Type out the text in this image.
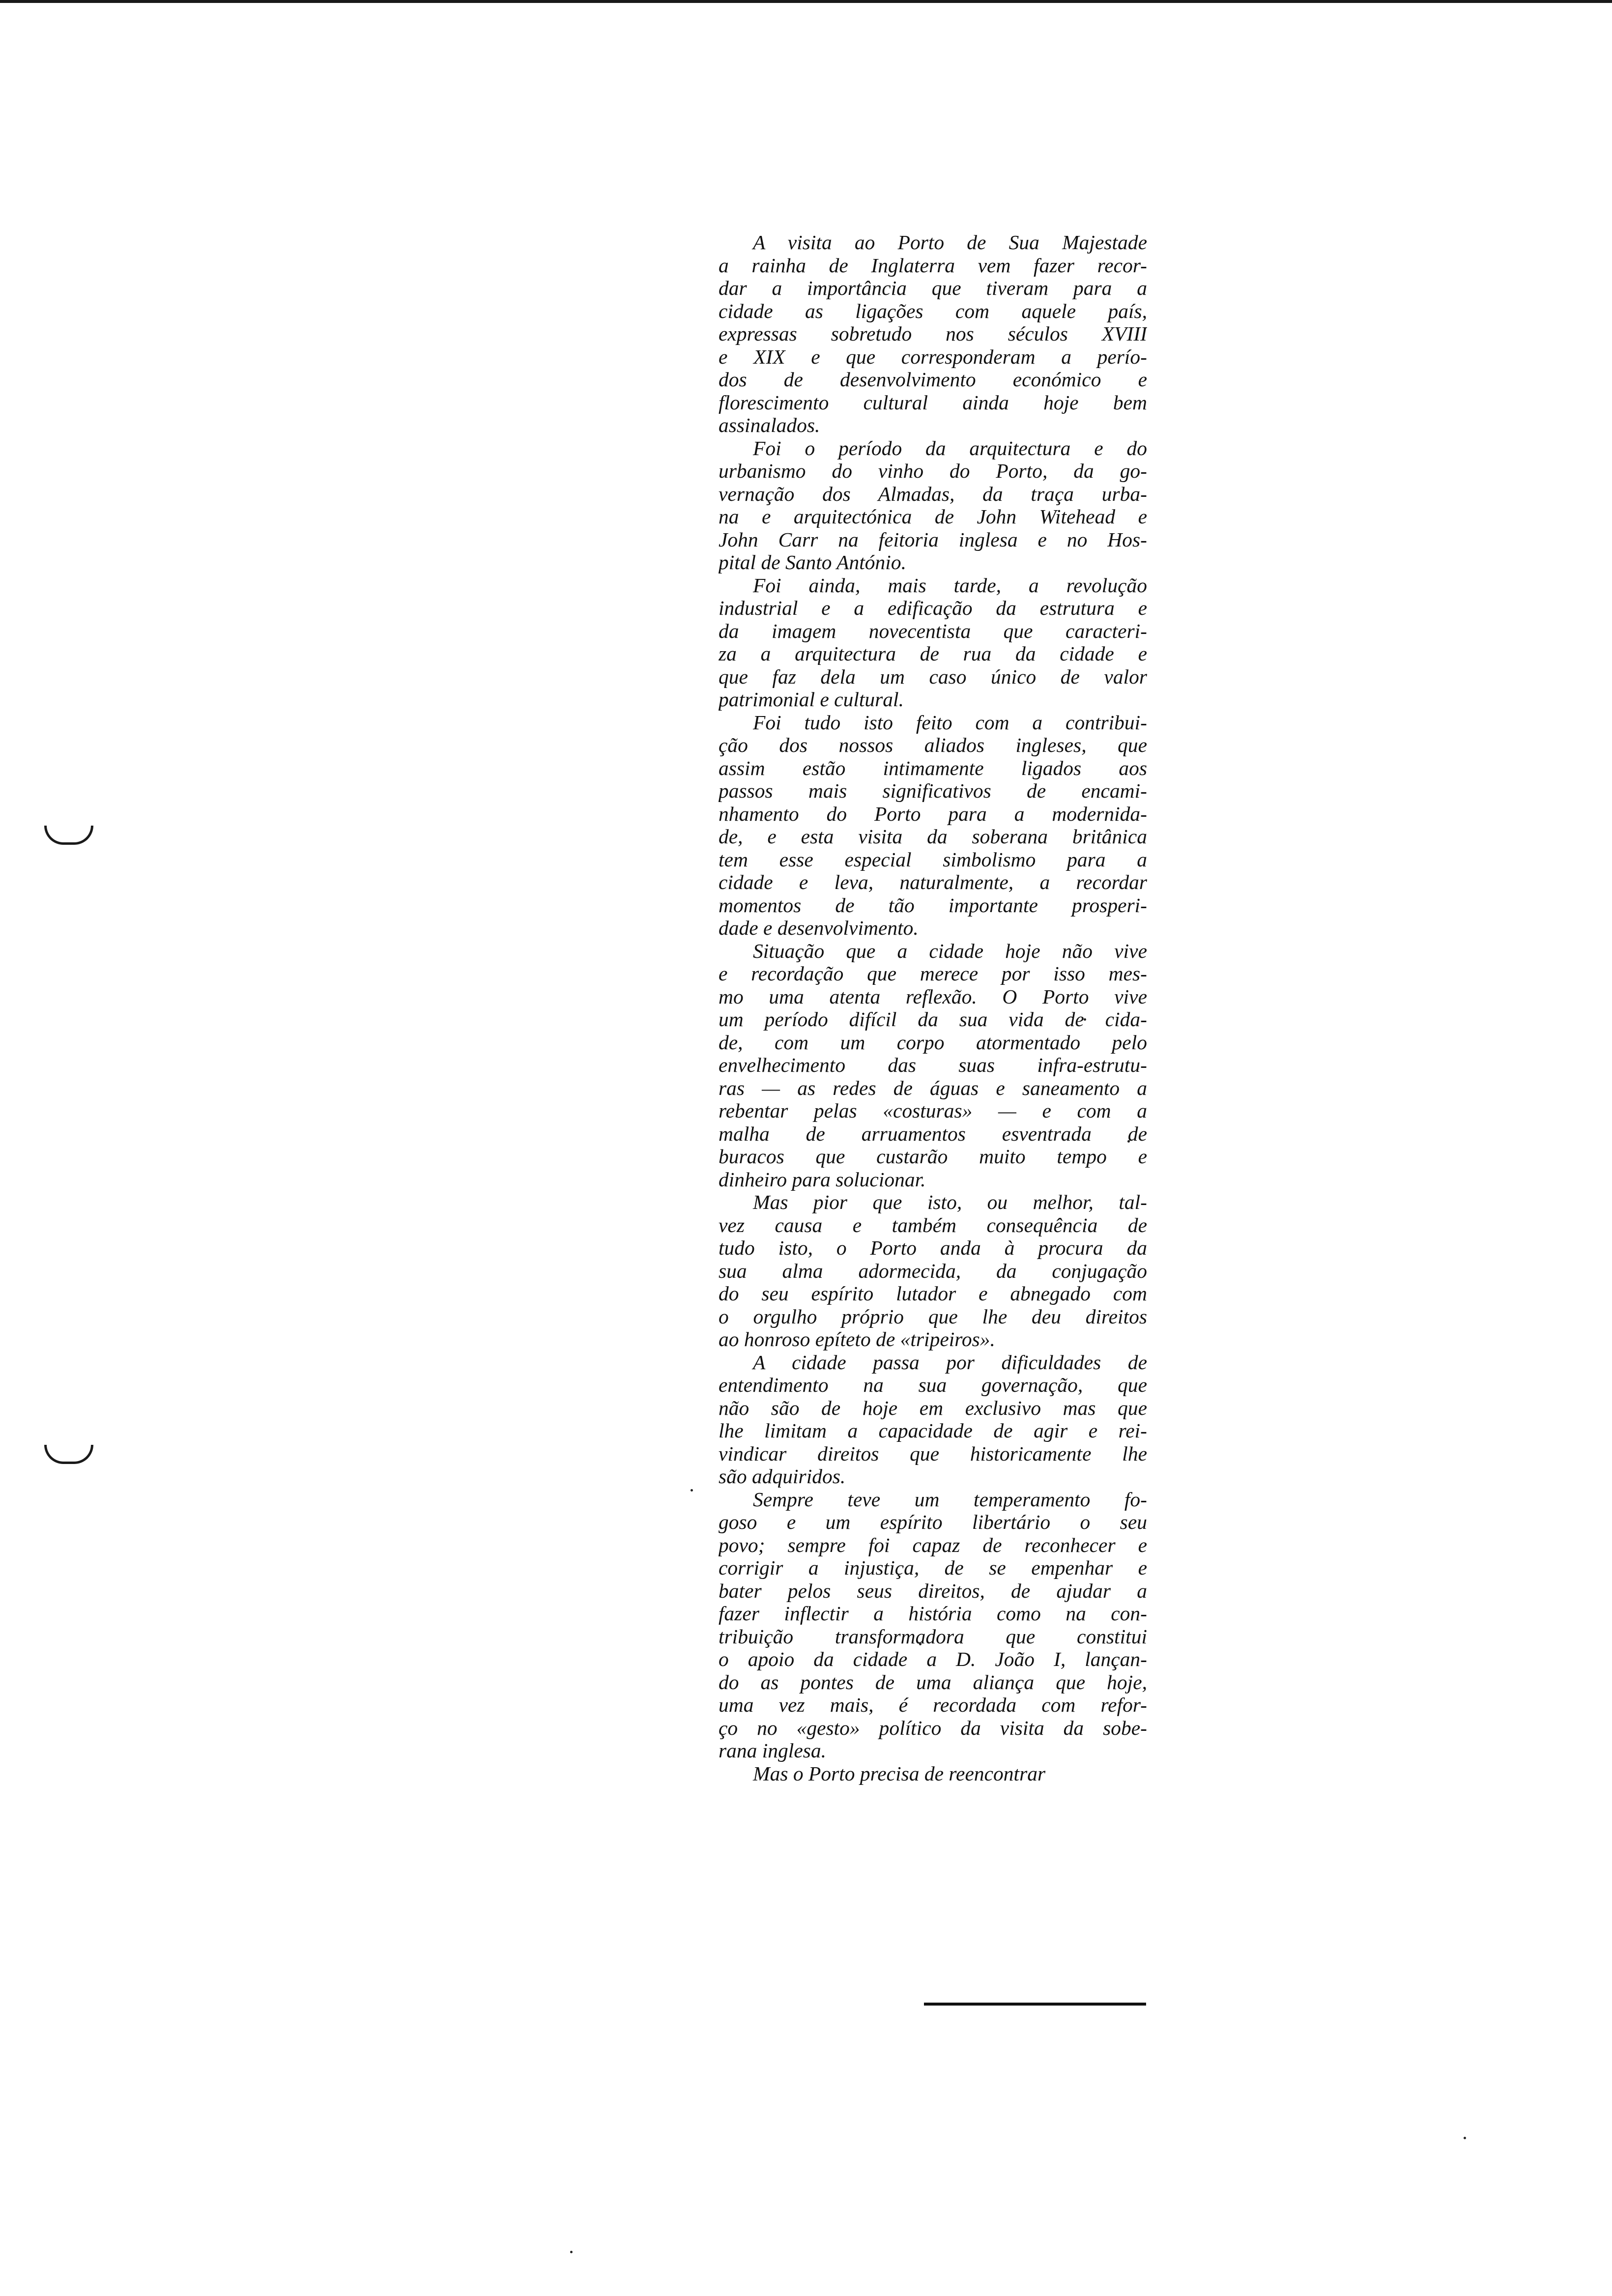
A visita ao Porto de Sua Majestade
a rainha de Inglaterra vem fazer recor-
dar a importância que tiveram para a
cidade as ligações com aquele país,
expressas sobretudo nos séculos XVIII
e XIX e que corresponderam a perío-
dos de desenvolvimento económico e
florescimento cultural ainda hoje bem
assinalados.
Foi o período da arquitectura e do
urbanismo do vinho do Porto, da go-
vernação dos Almadas, da traça urba-
na e arquitectónica de John Witehead e
John Carr na feitoria inglesa e no Hos-
pital de Santo António.
Foi ainda, mais tarde, a revolução
industrial e a edificação da estrutura e
da imagem novecentista que caracteri-
za a arquitectura de rua da cidade e
que faz dela um caso único de valor
patrimonial e cultural.
Foi tudo isto feito com a contribui-
ção dos nossos aliados ingleses, que
assim estão intimamente ligados aos
passos mais significativos de encami-
nhamento do Porto para a modernida-
de, e esta visita da soberana britânica
tem esse especial simbolismo para a
cidade e leva, naturalmente, a recordar
momentos de tão importante prosperi-
dade e desenvolvimento.
Situação que a cidade hoje não vive
e recordação que merece por isso mes-
mo uma atenta reflexão. O Porto vive
um período difícil da sua vida de cida-
de, com um corpo atormentado pelo
envelhecimento das suas infra-estrutu-
ras — as redes de águas e saneamento a
rebentar pelas «costuras» — e com a
malha de arruamentos esventrada de
buracos que custarão muito tempo e
dinheiro para solucionar.
Mas pior que isto, ou melhor, tal-
vez causa e também consequência de
tudo isto, o Porto anda à procura da
sua alma adormecida, da conjugação
do seu espírito lutador e abnegado com
o orgulho próprio que lhe deu direitos
ao honroso epíteto de «tripeiros».
A cidade passa por dificuldades de
entendimento na sua governação, que
não são de hoje em exclusivo mas que
lhe limitam a capacidade de agir e rei-
vindicar direitos que historicamente lhe
são adquiridos.
Sempre teve um temperamento fo-
goso e um espírito libertário o seu
povo; sempre foi capaz de reconhecer e
corrigir a injustiça, de se empenhar e
bater pelos seus direitos, de ajudar a
fazer inflectir a história como na con-
tribuição transformadora que constitui
o apoio da cidade a D. João I, lançan-
do as pontes de uma aliança que hoje,
uma vez mais, é recordada com refor-
ço no «gesto» político da visita da sobe-
rana inglesa.
Mas o Porto precisa de reencontrar
